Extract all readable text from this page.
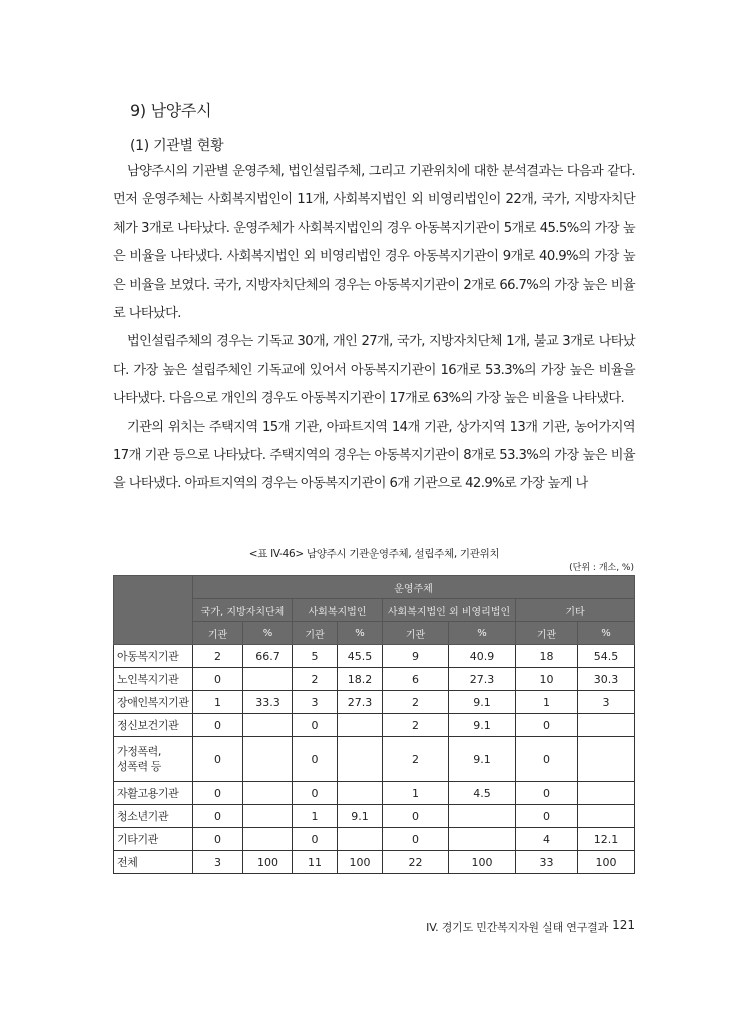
9) 남양주시
(1) 기관별 현황

남양주시의 기관별 운영주체, 법인설립주체, 그리고 기관위치에 대한 분석결과는 다음과 같다. 먼저 운영주체는 사회복지법인이 11개, 사회복지법인 외 비영리법인이 22개, 국가, 지방자치단체가 3개로 나타났다. 운영주체가 사회복지법인의 경우 아동복지기관이 5개로 45.5%의 가장 높은 비율을 나타냈다. 사회복지법인 외 비영리법인 경우 아동복지기관이 9개로 40.9%의 가장 높은 비율을 보였다. 국가, 지방자치단체의 경우는 아동복지기관이 2개로 66.7%의 가장 높은 비율로 나타났다.

법인설립주체의 경우는 기독교 30개, 개인 27개, 국가, 지방자치단체 1개, 불교 3개로 나타났다. 가장 높은 설립주체인 기독교에 있어서 아동복지기관이 16개로 53.3%의 가장 높은 비율을 나타냈다. 다음으로 개인의 경우도 아동복지기관이 17개로 63%의 가장 높은 비율을 나타냈다.

기관의 위치는 주택지역 15개 기관, 아파트지역 14개 기관, 상가지역 13개 기관, 농어가지역 17개 기관 등으로 나타났다. 주택지역의 경우는 아동복지기관이 8개로 53.3%의 가장 높은 비율을 나타냈다. 아파트지역의 경우는 아동복지기관이 6개 기관으로 42.9%로 가장 높게 나

<표 IV-46> 남양주시 기관운영주체, 설립주체, 기관위치
(단위 : 개소, %)
	운영주체							
	국가, 지방자치단체		사회복지법인		사회복지법인 외 비영리법인		기타	
	기관	%	기관	%	기관	%	기관	%
아동복지기관	2	66.7	5	45.5	9	40.9	18	54.5
노인복지기관	0		2	18.2	6	27.3	10	30.3
장애인복지기관	1	33.3	3	27.3	2	9.1	1	3
정신보건기관	0		0		2	9.1	0	
가정폭력,
성폭력 등	0		0		2	9.1	0	
자활고용기관	0		0		1	4.5	0	
청소년기관	0		1	9.1	0		0	
기타기관	0		0		0		4	12.1
전체	3	100	11	100	22	100	33	100
IV. 경기도 민간복지자원 실태 연구결과 121
